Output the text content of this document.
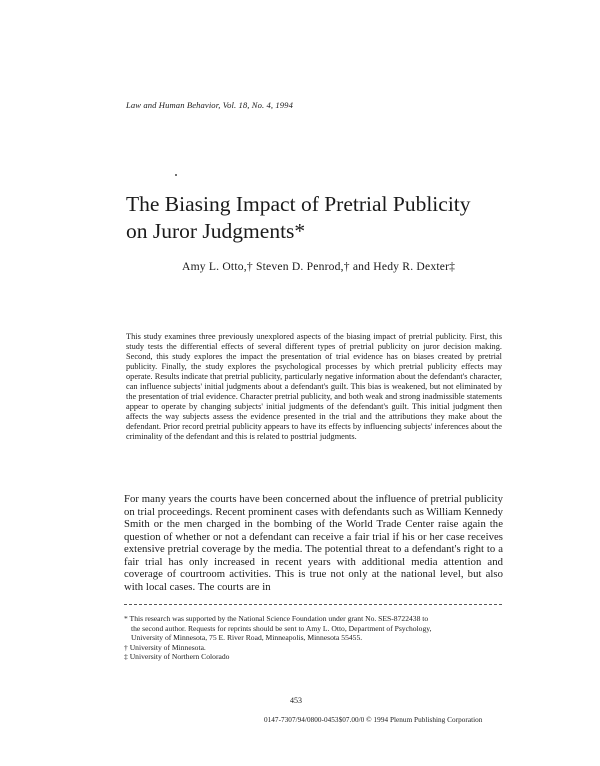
Law and Human Behavior, Vol. 18, No. 4, 1994
The Biasing Impact of Pretrial Publicity on Juror Judgments*
Amy L. Otto,† Steven D. Penrod,† and Hedy R. Dexter‡

This study examines three previously unexplored aspects of the biasing impact of pretrial publicity. First, this study tests the differential effects of several different types of pretrial publicity on juror decision making. Second, this study explores the impact the presentation of trial evidence has on biases created by pretrial publicity. Finally, the study explores the psychological processes by which pretrial publicity effects may operate. Results indicate that pretrial publicity, particularly negative information about the defendant's character, can influence subjects' initial judgments about a defendant's guilt. This bias is weakened, but not eliminated by the presentation of trial evidence. Character pretrial publicity, and both weak and strong inadmissible statements appear to operate by changing subjects' initial judgments of the defendant's guilt. This initial judgment then affects the way subjects assess the evidence presented in the trial and the attributions they make about the defendant. Prior record pretrial publicity appears to have its effects by influencing subjects' inferences about the criminality of the defendant and this is related to posttrial judgments.

For many years the courts have been concerned about the influence of pretrial publicity on trial proceedings. Recent prominent cases with defendants such as William Kennedy Smith or the men charged in the bombing of the World Trade Center raise again the question of whether or not a defendant can receive a fair trial if his or her case receives extensive pretrial coverage by the media. The potential threat to a defendant's right to a fair trial has only increased in recent years with additional media attention and coverage of courtroom activities. This is true not only at the national level, but also with local cases. The courts are in

* This research was supported by the National Science Foundation under grant No. SES-8722438 to

the second author. Requests for reprints should be sent to Amy L. Otto, Department of Psychology,

University of Minnesota, 75 E. River Road, Minneapolis, Minnesota 55455.

† University of Minnesota.

‡ University of Northern Colorado

453
0147-7307/94/0800-0453$07.00/0 © 1994 Plenum Publishing Corporation
